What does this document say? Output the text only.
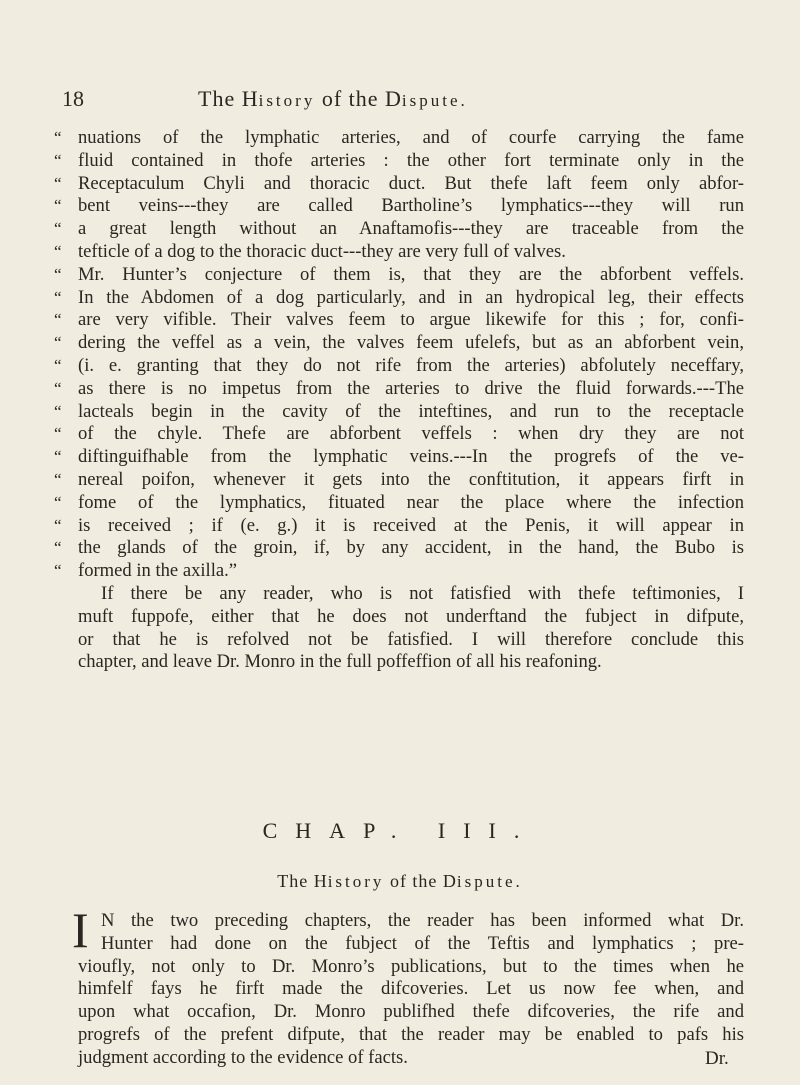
18	The History of the Dispute.
“ nuations of the lymphatic arteries, and of courfe carrying the fame
“ fluid contained in thofe arteries : the other fort terminate only in the
“ Receptaculum Chyli and thoracic duct. But thefe laft feem only abfor-
“ bent veins---they are called Bartholine’s lymphatics---they will run
“ a great length without an Anaftamofis---they are traceable from the
“ tefticle of a dog to the thoracic duct---they are very full of valves.
“ Mr. Hunter’s conjecture of them is, that they are the abforbent veffels.
“ In the Abdomen of a dog particularly, and in an hydropical leg, their effects
“ are very vifible. Their valves feem to argue likewife for this ; for, confi-
“ dering the veffel as a vein, the valves feem ufelefs, but as an abforbent vein,
“ (i. e. granting that they do not rife from the arteries) abfolutely neceffary,
“ as there is no impetus from the arteries to drive the fluid forwards.---The
“ lacteals begin in the cavity of the inteftines, and run to the receptacle
“ of the chyle. Thefe are abforbent veffels : when dry they are not
“ diftinguifhable from the lymphatic veins.---In the progrefs of the ve-
“ nereal poifon, whenever it gets into the conftitution, it appears firft in
“ fome of the lymphatics, fituated near the place where the infection
“ is received ; if (e. g.) it is received at the Penis, it will appear in
“ the glands of the groin, if, by any accident, in the hand, the Bubo is
“ formed in the axilla.”
If there be any reader, who is not fatisfied with thefe teftimonies, I
muft fuppofe, either that he does not underftand the fubject in difpute,
or that he is refolved not be fatisfied. I will therefore conclude this
chapter, and leave Dr. Monro in the full poffeffion of all his reafoning.
CHAP. III.
The History of the Dispute.
I N the two preceding chapters, the reader has been informed what Dr.
Hunter had done on the fubject of the Teftis and lymphatics ; pre-
vioufly, not only to Dr. Monro’s publications, but to the times when he
himfelf fays he firft made the difcoveries. Let us now fee when, and
upon what occafion, Dr. Monro publifhed thefe difcoveries, the rife and
progrefs of the prefent difpute, that the reader may be enabled to pafs his
judgment according to the evidence of facts.	Dr.
